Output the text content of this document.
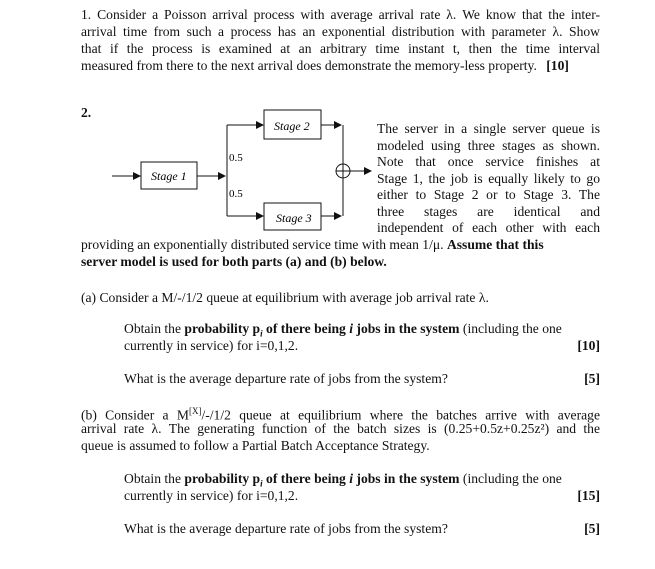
1. Consider a Poisson arrival process with average arrival rate λ. We know that the inter-
arrival time from such a process has an exponential distribution with parameter λ. Show
that if the process is examined at an arbitrary time instant t, then the time interval
measured from there to the next arrival does demonstrate the memory-less property. [10]
2.
Stage 1
Stage 2
Stage 3
0.5
0.5
The server in a single server queue is
modeled using three stages as shown.
Note that once service finishes at
Stage 1, the job is equally likely to go
either to Stage 2 or to Stage 3. The
three stages are identical and
independent of each other with each
providing an exponentially distributed service time with mean 1/μ. Assume that this
server model is used for both parts (a) and (b) below.
(a) Consider a M/-/1/2 queue at equilibrium with average job arrival rate λ.
Obtain the probability $p_i$ of there being i jobs in the system (including the one
currently in service) for i=0,1,2.	[10]
What is the average departure rate of jobs from the system?	[5]
(b) Consider a M[X]/-/1/2 queue at equilibrium where the batches arrive with average
arrival rate λ. The generating function of the batch sizes is (0.25+0.5z+0.25z²) and the
queue is assumed to follow a Partial Batch Acceptance Strategy.
Obtain the probability $p_i$ of there being i jobs in the system (including the one
currently in service) for i=0,1,2.	[15]
What is the average departure rate of jobs from the system?	[5]
